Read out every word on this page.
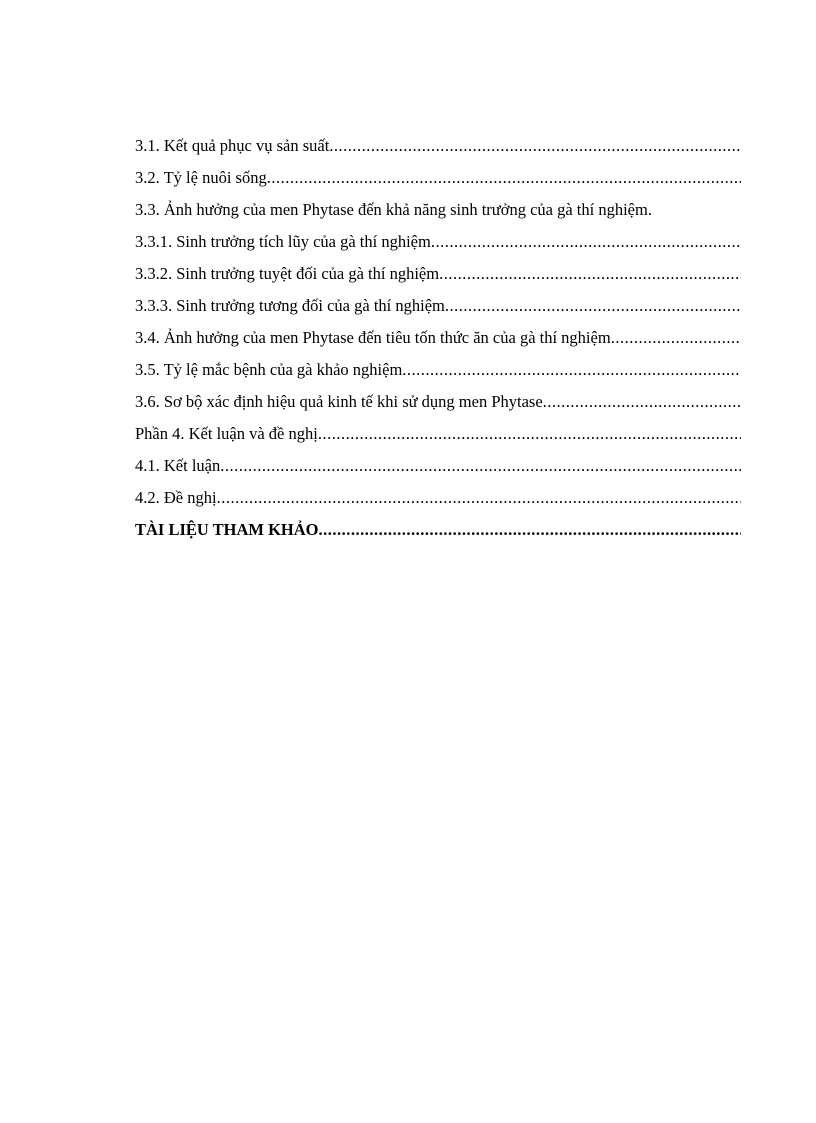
3.1. Kết quả phục vụ sản suất
.....
3.2. Tỷ lệ nuôi sống
.....
3.3. Ảnh hưởng của men Phytase đến khả năng sinh trưởng của gà thí nghiệm
.
3.3.1. Sinh trưởng tích lũy của gà thí nghiệm
.....
3.3.2. Sinh trưởng tuyệt đối của gà thí nghiệm
.....
3.3.3. Sinh trưởng tương đối của gà thí nghiệm
.....
3.4. Ảnh hưởng của men Phytase đến tiêu tốn thức ăn của gà thí nghiệm
.....
3.5. Tỷ lệ mắc bệnh của gà khảo nghiệm
.....
3.6. Sơ bộ xác định hiệu quả kinh tế khi sử dụng men Phytase
.....
Phần 4. Kết luận và đề nghị
.....
4.1. Kết luận
.....
4.2. Đề nghị
.....
TÀI LIỆU THAM KHẢO
.....
